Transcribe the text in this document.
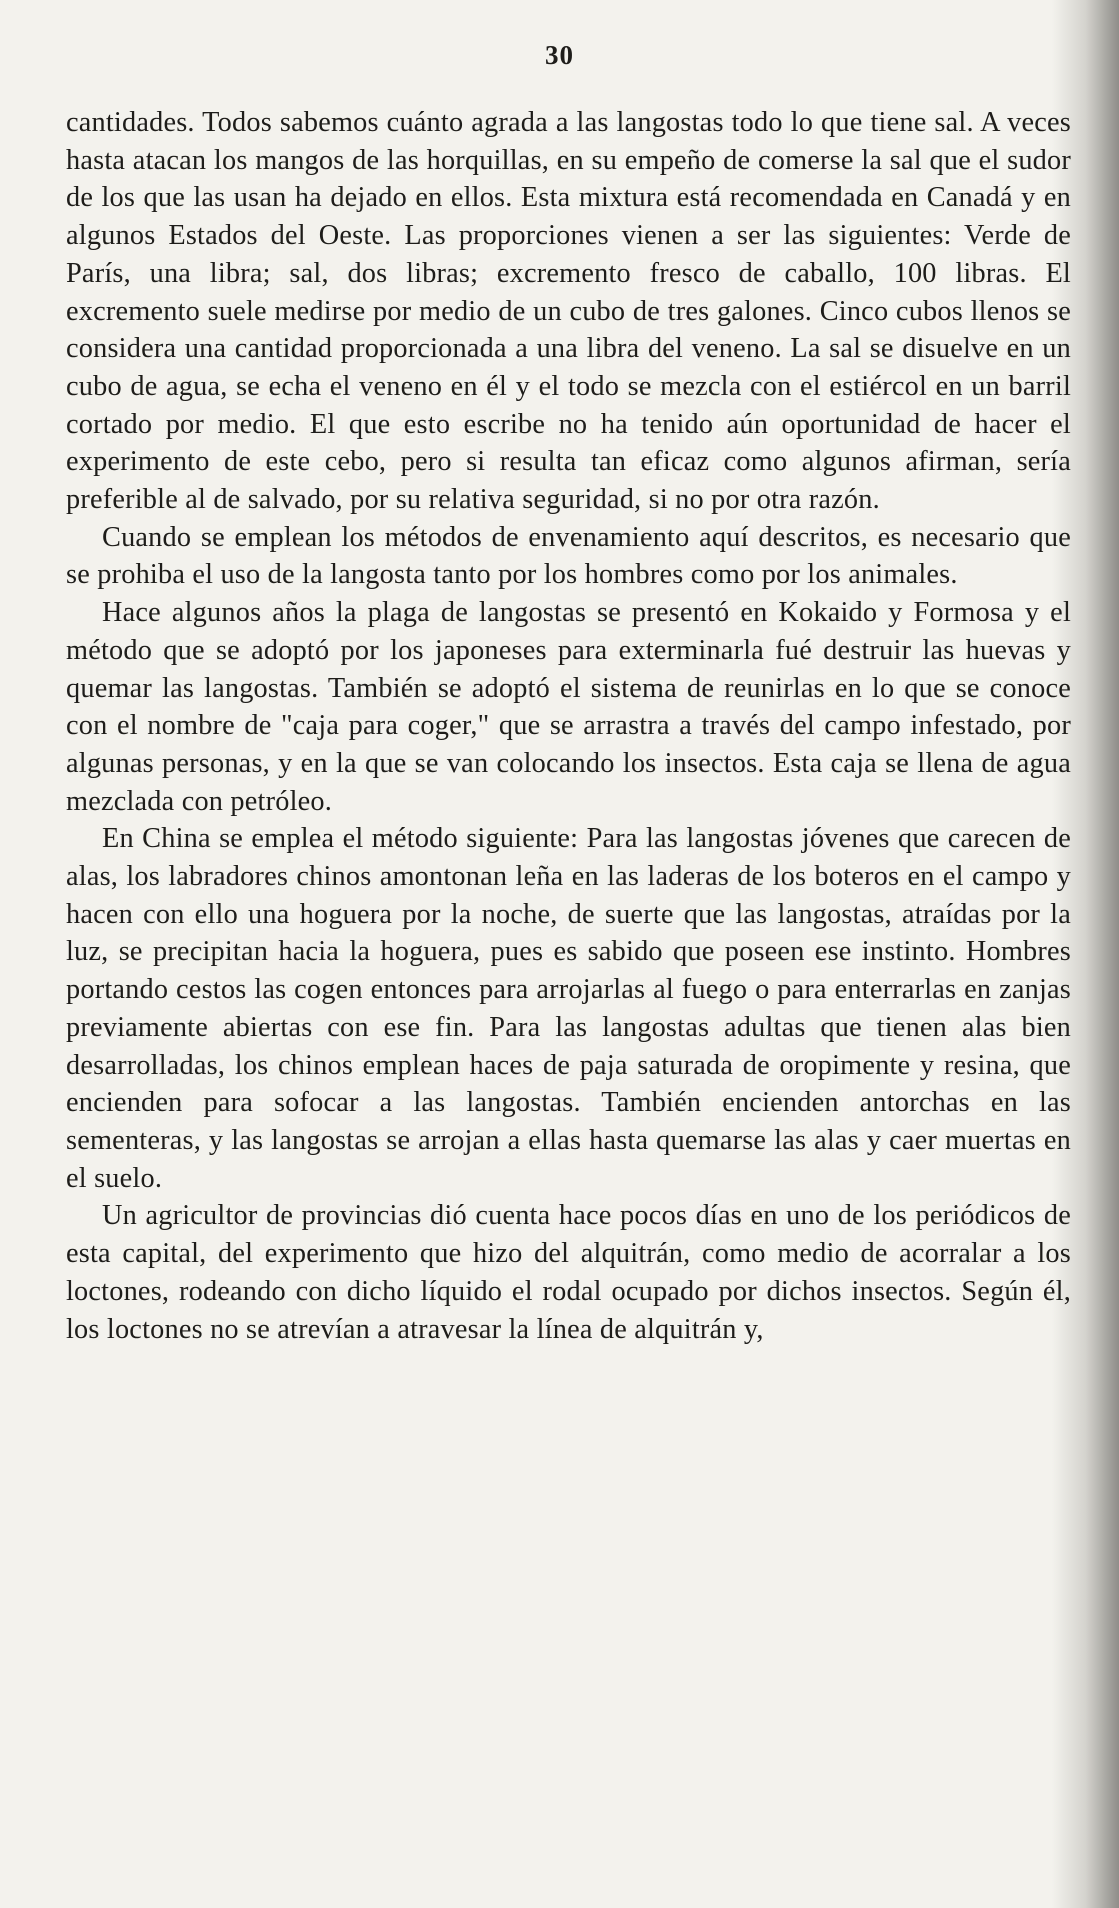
30

cantidades. Todos sabemos cuánto agrada a las langostas todo lo que tiene sal. A veces hasta atacan los mangos de las horquillas, en su empeño de comerse la sal que el sudor de los que las usan ha dejado en ellos. Esta mixtura está recomendada en Canadá y en algunos Estados del Oeste. Las proporciones vienen a ser las siguientes: Verde de París, una libra; sal, dos libras; excremento fresco de caballo, 100 libras. El excremento suele medirse por medio de un cubo de tres galones. Cinco cubos llenos se considera una cantidad proporcionada a una libra del veneno. La sal se disuelve en un cubo de agua, se echa el veneno en él y el todo se mezcla con el estiércol en un barril cortado por medio. El que esto escribe no ha tenido aún oportunidad de hacer el experimento de este cebo, pero si resulta tan eficaz como algunos afirman, sería preferible al de salvado, por su relativa seguridad, si no por otra razón.

Cuando se emplean los métodos de envenamiento aquí descritos, es necesario que se prohiba el uso de la langosta tanto por los hombres como por los animales.

Hace algunos años la plaga de langostas se presentó en Kokaido y Formosa y el método que se adoptó por los japoneses para exterminarla fué destruir las huevas y quemar las langostas. También se adoptó el sistema de reunirlas en lo que se conoce con el nombre de "caja para coger," que se arrastra a través del campo infestado, por algunas personas, y en la que se van colocando los insectos. Esta caja se llena de agua mezclada con petróleo.

En China se emplea el método siguiente: Para las langostas jóvenes que carecen de alas, los labradores chinos amontonan leña en las laderas de los boteros en el campo y hacen con ello una hoguera por la noche, de suerte que las langostas, atraídas por la luz, se precipitan hacia la hoguera, pues es sabido que poseen ese instinto. Hombres portando cestos las cogen entonces para arrojarlas al fuego o para enterrarlas en zanjas previamente abiertas con ese fin. Para las langostas adultas que tienen alas bien desarrolladas, los chinos emplean haces de paja saturada de oropimente y resina, que encienden para sofocar a las langostas. También encienden antorchas en las sementeras, y las langostas se arrojan a ellas hasta quemarse las alas y caer muertas en el suelo.

Un agricultor de provincias dió cuenta hace pocos días en uno de los periódicos de esta capital, del experimento que hizo del alquitrán, como medio de acorralar a los loctones, rodeando con dicho líquido el rodal ocupado por dichos insectos. Según él, los loctones no se atrevían a atravesar la línea de alquitrán y,
